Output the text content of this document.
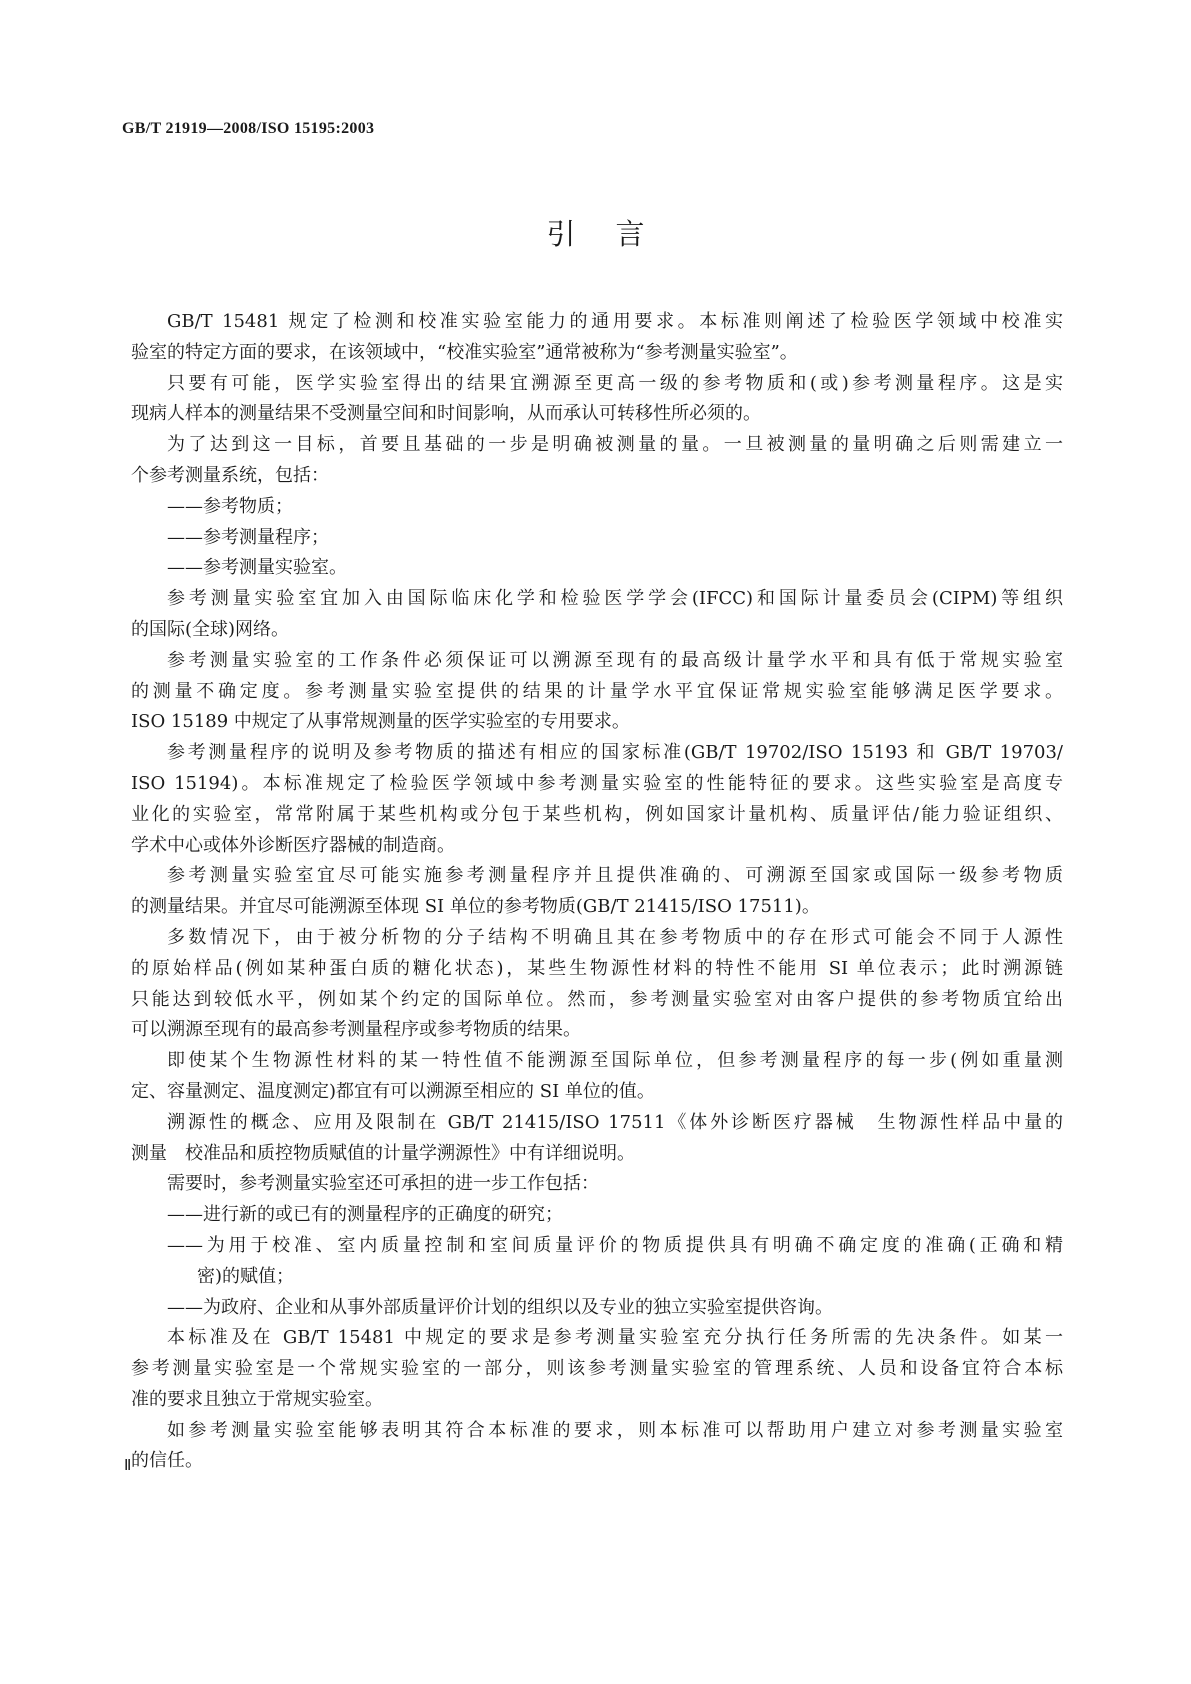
GB/T 21919—2008/ISO 15195:2003
引言
GB/T 15481 规定了检测和校准实验室能力的通用要求。本标准则阐述了检验医学领域中校准实
验室的特定方面的要求，在该领域中，“校准实验室”通常被称为“参考测量实验室”。
只要有可能，医学实验室得出的结果宜溯源至更高一级的参考物质和(或)参考测量程序。这是实
现病人样本的测量结果不受测量空间和时间影响，从而承认可转移性所必须的。
为了达到这一目标，首要且基础的一步是明确被测量的量。一旦被测量的量明确之后则需建立一
个参考测量系统，包括：
——参考物质；
——参考测量程序；
——参考测量实验室。
参考测量实验室宜加入由国际临床化学和检验医学学会(IFCC)和国际计量委员会(CIPM)等组织
的国际(全球)网络。
参考测量实验室的工作条件必须保证可以溯源至现有的最高级计量学水平和具有低于常规实验室
的测量不确定度。参考测量实验室提供的结果的计量学水平宜保证常规实验室能够满足医学要求。
ISO 15189 中规定了从事常规测量的医学实验室的专用要求。
参考测量程序的说明及参考物质的描述有相应的国家标准(GB/T 19702/ISO 15193 和 GB/T 19703/
ISO 15194)。本标准规定了检验医学领域中参考测量实验室的性能特征的要求。这些实验室是高度专
业化的实验室，常常附属于某些机构或分包于某些机构，例如国家计量机构、质量评估/能力验证组织、
学术中心或体外诊断医疗器械的制造商。
参考测量实验室宜尽可能实施参考测量程序并且提供准确的、可溯源至国家或国际一级参考物质
的测量结果。并宜尽可能溯源至体现 SI 单位的参考物质(GB/T 21415/ISO 17511)。
多数情况下，由于被分析物的分子结构不明确且其在参考物质中的存在形式可能会不同于人源性
的原始样品(例如某种蛋白质的糖化状态)，某些生物源性材料的特性不能用 SI 单位表示；此时溯源链
只能达到较低水平，例如某个约定的国际单位。然而，参考测量实验室对由客户提供的参考物质宜给出
可以溯源至现有的最高参考测量程序或参考物质的结果。
即使某个生物源性材料的某一特性值不能溯源至国际单位，但参考测量程序的每一步(例如重量测
定、容量测定、温度测定)都宜有可以溯源至相应的 SI 单位的值。
溯源性的概念、应用及限制在 GB/T 21415/ISO 17511《体外诊断医疗器械　生物源性样品中量的
测量　校准品和质控物质赋值的计量学溯源性》中有详细说明。
需要时，参考测量实验室还可承担的进一步工作包括：
——进行新的或已有的测量程序的正确度的研究；
——为用于校准、室内质量控制和室间质量评价的物质提供具有明确不确定度的准确(正确和精
密)的赋值；
——为政府、企业和从事外部质量评价计划的组织以及专业的独立实验室提供咨询。
本标准及在 GB/T 15481 中规定的要求是参考测量实验室充分执行任务所需的先决条件。如某一
参考测量实验室是一个常规实验室的一部分，则该参考测量实验室的管理系统、人员和设备宜符合本标
准的要求且独立于常规实验室。
如参考测量实验室能够表明其符合本标准的要求，则本标准可以帮助用户建立对参考测量实验室
的信任。
Ⅱ
